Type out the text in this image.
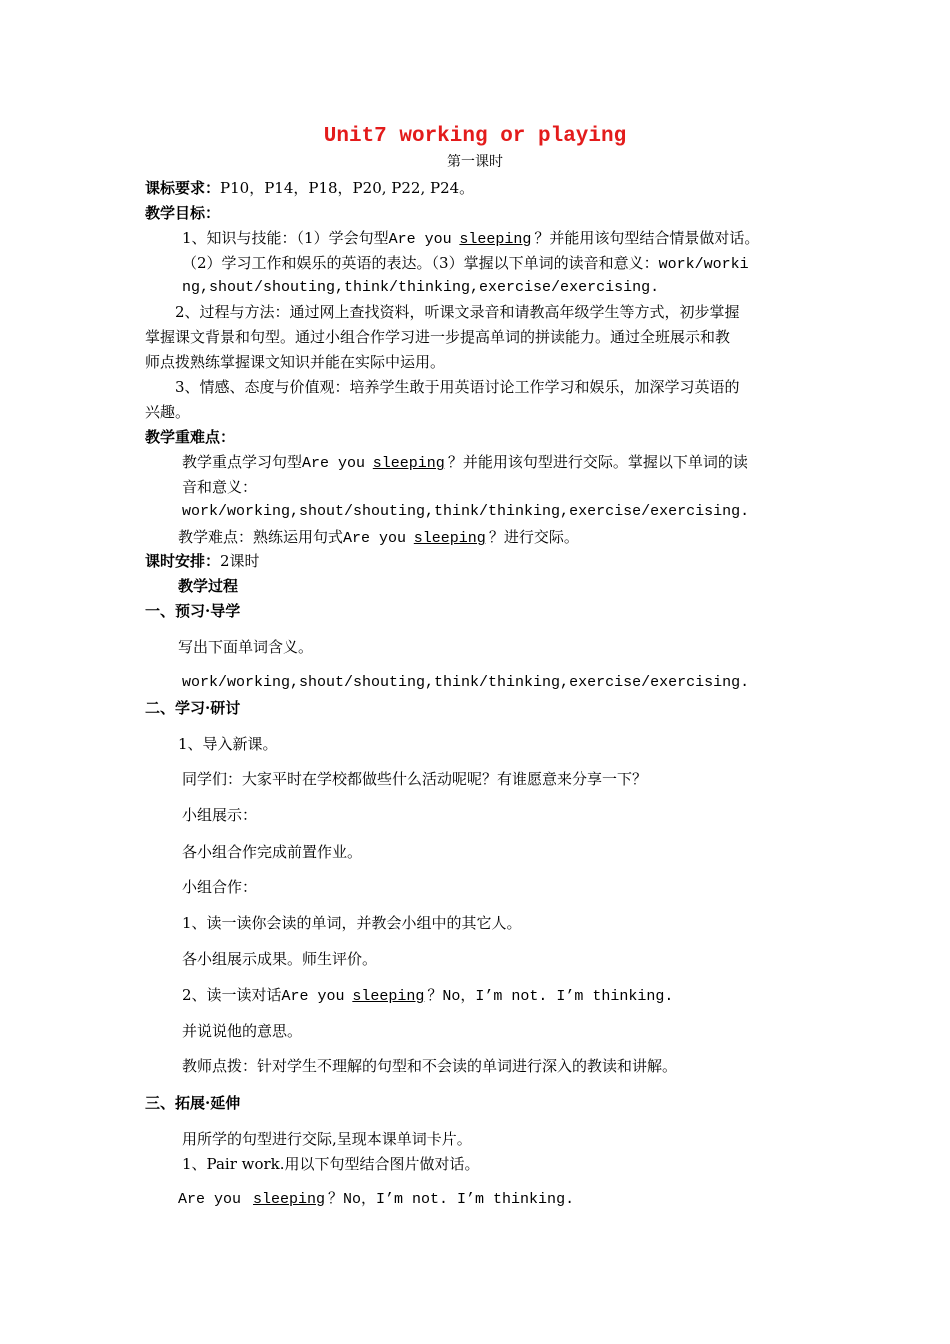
Unit7 working or playing
第一课时
课标要求：P10，P14，P18，P20, P22, P24。
教学目标：
1、知识与技能：（1）学会句型Are you sleeping ？并能用该句型结合情景做对话。
（2）学习工作和娱乐的英语的表达。（3）掌握以下单词的读音和意义：work/worki
ng,shout/shouting,think/thinking,exercise/exercising.
2、过程与方法：通过网上查找资料，听课文录音和请教高年级学生等方式，初步掌握
掌握课文背景和句型。通过小组合作学习进一步提高单词的拼读能力。通过全班展示和教
师点拨熟练掌握课文知识并能在实际中运用。
3、情感、态度与价值观：培养学生敢于用英语讨论工作学习和娱乐，加深学习英语的
兴趣。
教学重难点：
教学重点学习句型Are you sleeping ？并能用该句型进行交际。掌握以下单词的读
音和意义：
work/working,shout/shouting,think/thinking,exercise/exercising.
教学难点：熟练运用句式Are you sleeping ？进行交际。
课时安排：2课时
教学过程
一、预习·导学
写出下面单词含义。
work/working,shout/shouting,think/thinking,exercise/exercising.
二、学习·研讨
1、导入新课。
同学们：大家平时在学校都做些什么活动呢呢？有谁愿意来分享一下？
小组展示：
各小组合作完成前置作业。
小组合作：
1、读一读你会读的单词，并教会小组中的其它人。
各小组展示成果。师生评价。
2、读一读对话Are you sleeping ？No，I’m not. I’m thinking.
并说说他的意思。
教师点拨：针对学生不理解的句型和不会读的单词进行深入的教读和讲解。
三、拓展·延伸
用所学的句型进行交际,呈现本课单词卡片。
1、Pair work.用以下句型结合图片做对话。
Are you sleeping ？No，I’m not. I’m thinking.
